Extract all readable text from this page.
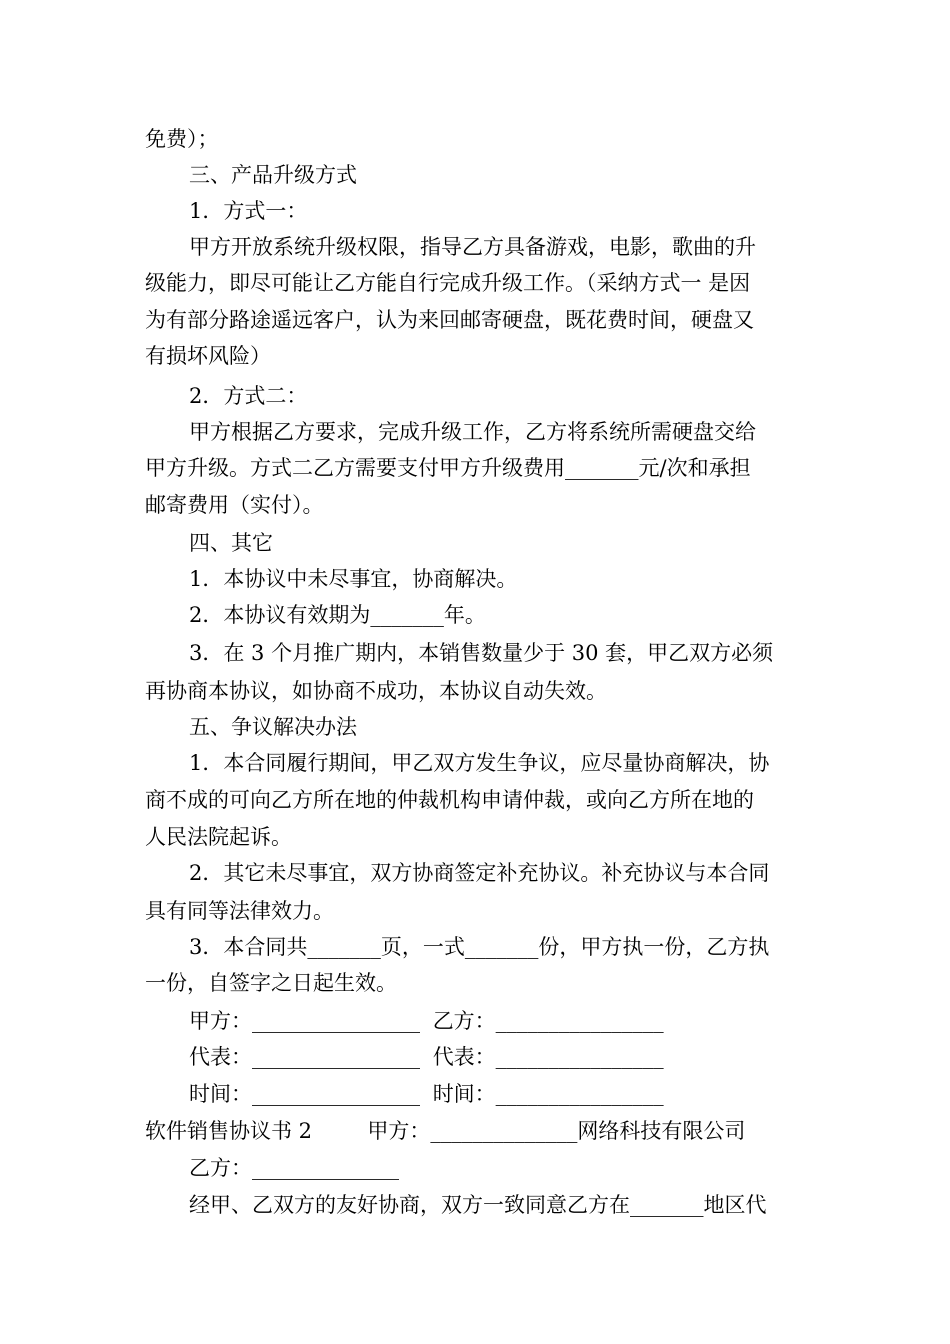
免费）；
三、产品升级方式
1．方式一：
甲方开放系统升级权限，指导乙方具备游戏，电影，歌曲的升
级能力，即尽可能让乙方能自行完成升级工作。（采纳方式一 是因
为有部分路途遥远客户，认为来回邮寄硬盘，既花费时间，硬盘又
有损坏风险）
2．方式二：
甲方根据乙方要求，完成升级工作，乙方将系统所需硬盘交给
甲方升级。方式二乙方需要支付甲方升级费用_______元/次和承担
邮寄费用（实付）。
四、其它
1．本协议中未尽事宜，协商解决。
2．本协议有效期为_______年。
3．在 3 个月推广期内，本销售数量少于 30 套，甲乙双方必须
再协商本协议，如协商不成功，本协议自动失效。
五、争议解决办法
1．本合同履行期间，甲乙双方发生争议，应尽量协商解决，协
商不成的可向乙方所在地的仲裁机构申请仲裁，或向乙方所在地的
人民法院起诉。
2．其它未尽事宜，双方协商签定补充协议。补充协议与本合同
具有同等法律效力。
3．本合同共_______页，一式_______份，甲方执一份，乙方执
一份，自签字之日起生效。
甲方：________________ 乙方：________________
代表：________________ 代表：________________
时间：________________ 时间：________________
软件销售协议书 2	甲方：______________网络科技有限公司
乙方：______________
经甲、乙双方的友好协商，双方一致同意乙方在_______地区代
